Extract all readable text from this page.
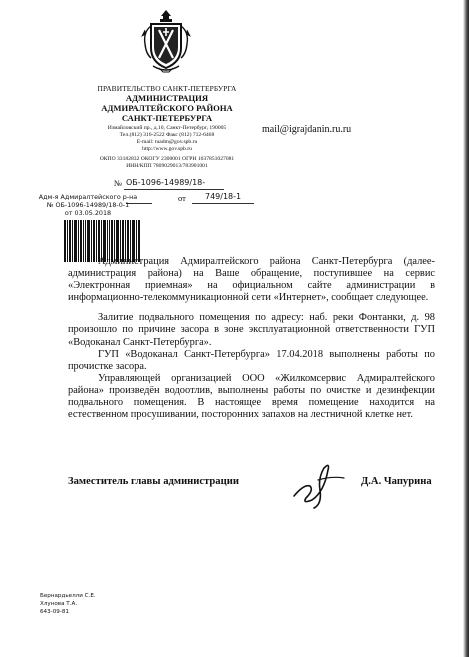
ПРАВИТЕЛЬСТВО САНКТ-ПЕТЕРБУРГА
АДМИНИСТРАЦИЯ
АДМИРАЛТЕЙСКОГО РАЙОНА
САНКТ-ПЕТЕРБУРГА
Измайловский пр., д.10, Санкт-Петербург, 190005
Тел.(812) 316-2522 Факс (812) 712-6468
E-mail: tuadm@gov.spb.ru
http://www.gov.spb.ru
ОКПО 33182832 ОКОГУ 2300001 ОГРН 1037851027081
ИНН/КПП 7809029013/783901001
mail@igrajdanin.ru.ru
№ ОБ-1096-14989/18-
от 749/18-1
Адм-я Адмиралтейского р-на
№ ОБ-1096-14989/18-0-1
от 03.05.2018

Администрация Адмиралтейского района Санкт-Петербурга (далее- администрация района) на Ваше обращение, поступившее на сервис «Электронная приемная» на официальном сайте администрации в информационно-телекоммуникационной сети «Интернет», сообщает следующее.

Залитие подвального помещения по адресу: наб. реки Фонтанки, д. 98 произошло по причине засора в зоне эксплуатационной ответственности ГУП «Водоканал Санкт-Петербурга».

ГУП «Водоканал Санкт-Петербурга» 17.04.2018 выполнены работы по прочистке засора.

Управляющей организацией ООО «Жилкомсервис Адмиралтейского района» произведён водоотлив, выполнены работы по очистке и дезинфекции подвального помещения. В настоящее время помещение находится на естественном просушивании, посторонних запахов на лестничной клетке нет.

Заместитель главы администрации	Д.А. Чапурина
Бернардьелли С.Е.
Хлунова Т.А.
643-09-81
